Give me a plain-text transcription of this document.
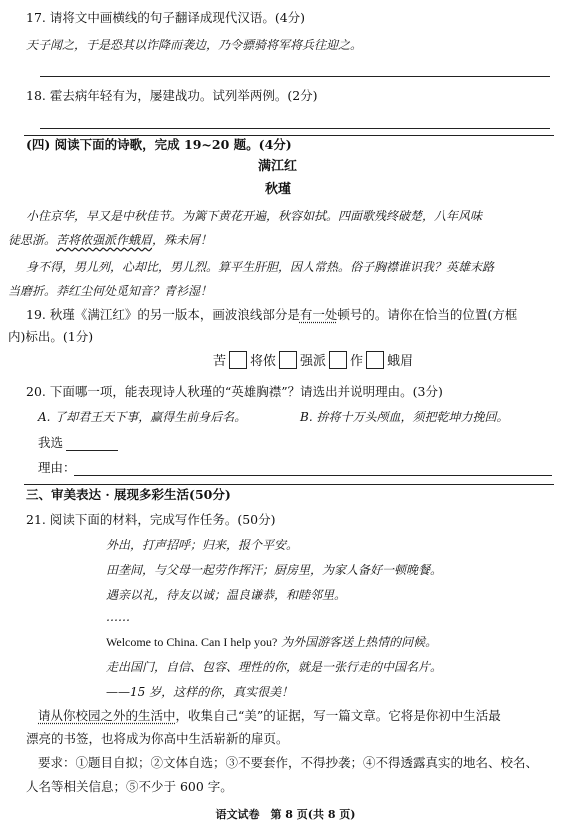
17. 请将文中画横线的句子翻译成现代汉语。(4分)
天子闻之，于是恐其以诈降而袭边，乃令骠骑将军将兵往迎之。
18. 霍去病年轻有为，屡建战功。试列举两例。(2分)
(四) 阅读下面的诗歌，完成 19~20 题。(4分)
满江红
秋瑾
小住京华，早又是中秋佳节。为篱下黄花开遍，秋容如拭。四面歌残终破楚，八年风味
徒思浙。苦将侬强派作蛾眉，殊未屑！
身不得，男儿列，心却比，男儿烈。算平生肝胆，因人常热。俗子胸襟谁识我？英雄末路
当磨折。莽红尘何处觅知音？青衫湿！
19. 秋瑾《满江红》的另一版本，画波浪线部分是有一处顿号的。请你在恰当的位置(方框
内)标出。(1分)
苦 将侬 强派 作 蛾眉
20. 下面哪一项，能表现诗人秋瑾的“英雄胸襟”？请选出并说明理由。(3分)
A. 了却君王天下事，赢得生前身后名。	B. 拚将十万头颅血，须把乾坤力挽回。
我选
理由：
三、审美表达 · 展现多彩生活(50分)
21. 阅读下面的材料，完成写作任务。(50分)
外出，打声招呼；归来，报个平安。
田垄间，与父母一起劳作挥汗；厨房里，为家人备好一顿晚餐。
遇亲以礼，待友以诚；温良谦恭，和睦邻里。
……
Welcome to China. Can I help you? 为外国游客送上热情的问候。
走出国门，自信、包容、理性的你，就是一张行走的中国名片。
——15 岁，这样的你，真实很美！
请从你校园之外的生活中，收集自己“美”的证据，写一篇文章。它将是你初中生活最
漂亮的书签，也将成为你高中生活崭新的扉页。
要求：①题目自拟；②文体自选；③不要套作，不得抄袭；④不得透露真实的地名、校名、
人名等相关信息；⑤不少于 600 字。
语文试卷　第 8 页(共 8 页)
